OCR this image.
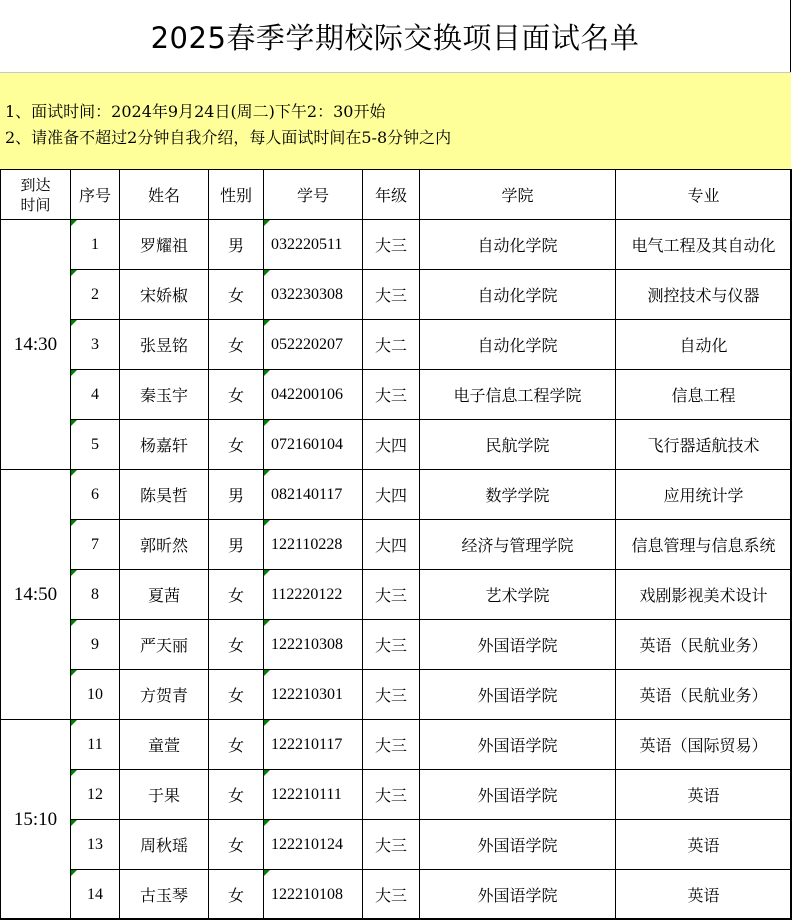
2025春季学期校际交换项目面试名单
1、面试时间：2024年9月24日(周二)下午2：30开始
2、请准备不超过2分钟自我介绍，每人面试时间在5-8分钟之内
到达
时间	序号	姓名	性别	学号	年级	学院	专业
14:30	1	罗耀祖	男	032220511	大三	自动化学院	电气工程及其自动化
	2	宋娇椒	女	032230308	大三	自动化学院	测控技术与仪器
	3	张昱铭	女	052220207	大二	自动化学院	自动化
	4	秦玉宇	女	042200106	大三	电子信息工程学院	信息工程
	5	杨嘉轩	女	072160104	大四	民航学院	飞行器适航技术
14:50	6	陈昊哲	男	082140117	大四	数学学院	应用统计学
	7	郭昕然	男	122110228	大四	经济与管理学院	信息管理与信息系统
	8	夏茜	女	112220122	大三	艺术学院	戏剧影视美术设计
	9	严天丽	女	122210308	大三	外国语学院	英语（民航业务）
	10	方贺青	女	122210301	大三	外国语学院	英语（民航业务）
15:10	11	童萱	女	122210117	大三	外国语学院	英语（国际贸易）
	12	于果	女	122210111	大三	外国语学院	英语
	13	周秋瑶	女	122210124	大三	外国语学院	英语
	14	古玉琴	女	122210108	大三	外国语学院	英语
